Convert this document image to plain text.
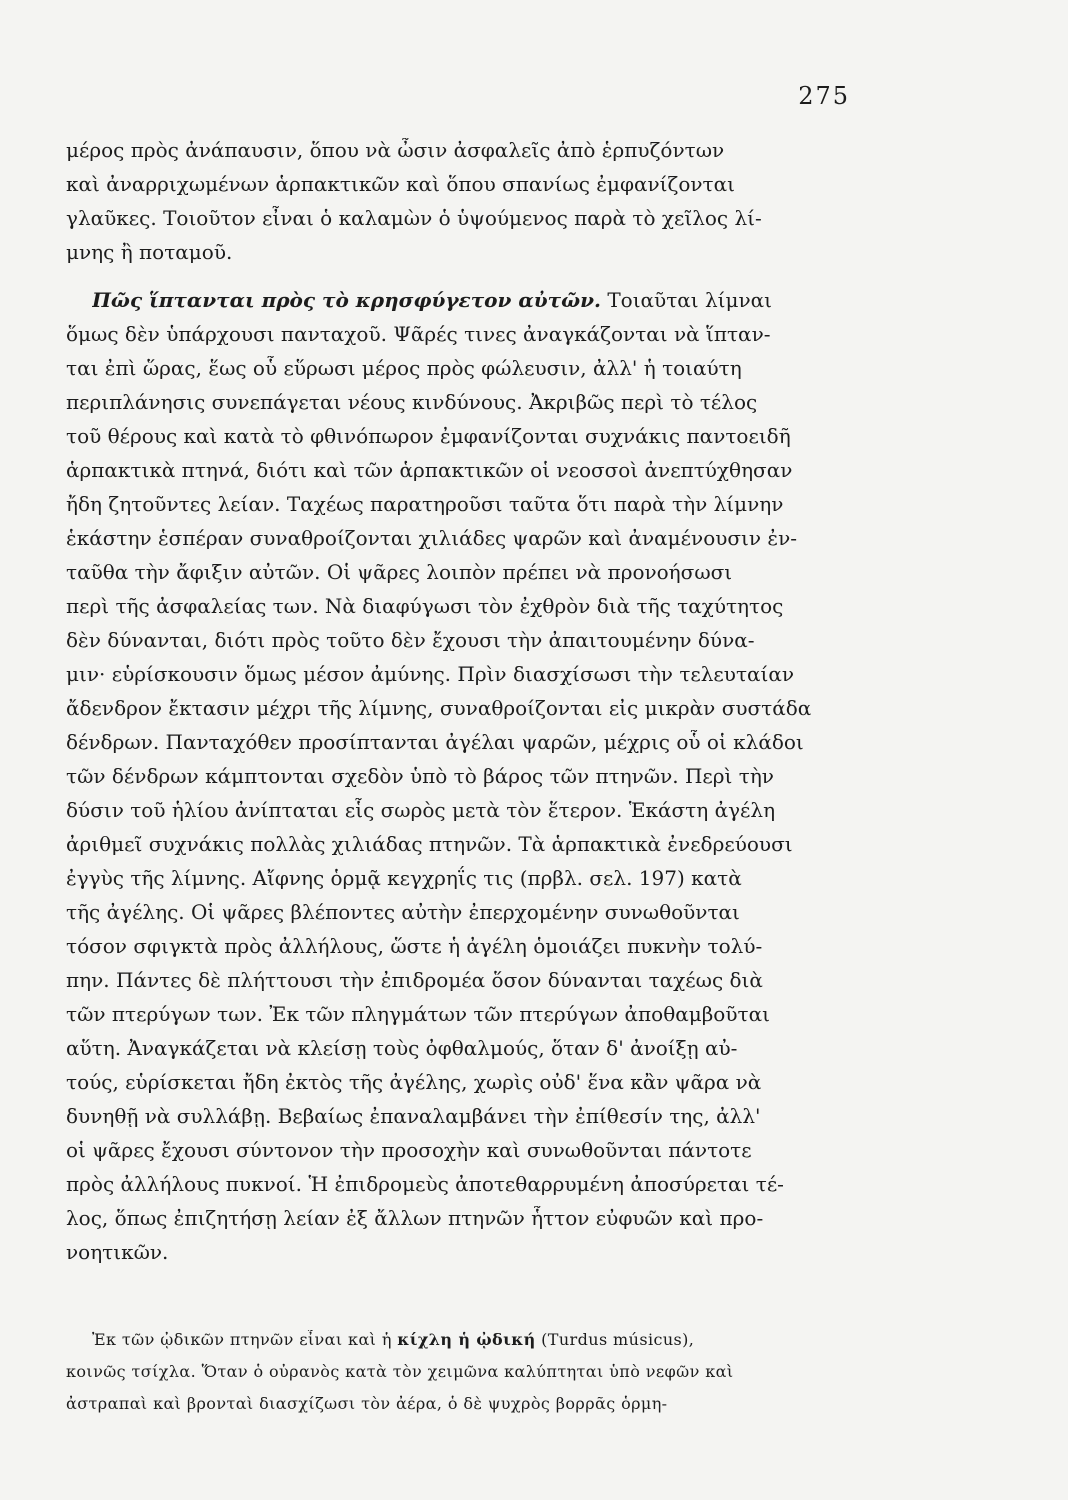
275
μέρος πρὸς ἀνάπαυσιν, ὅπου νὰ ὦσιν ἀσφαλεῖς ἀπὸ ἑρπυζόντων
καὶ ἀναρριχωμένων ἁρπακτικῶν καὶ ὅπου σπανίως ἐμφανίζονται
γλαῦκες. Τοιοῦτον εἶναι ὁ καλαμὼν ὁ ὑψούμενος παρὰ τὸ χεῖλος λί-
μνης ἢ ποταμοῦ.
Πῶς ἵπτανται πρὸς τὸ κρησφύγετον αὐτῶν. Τοιαῦται λίμναι
ὅμως δὲν ὑπάρχουσι πανταχοῦ. Ψᾶρές τινες ἀναγκάζονται νὰ ἵπταν-
ται ἐπὶ ὥρας, ἕως οὗ εὕρωσι μέρος πρὸς φώλευσιν, ἀλλ' ἡ τοιαύτη
περιπλάνησις συνεπάγεται νέους κινδύνους. Ἀκριβῶς περὶ τὸ τέλος
τοῦ θέρους καὶ κατὰ τὸ φθινόπωρον ἐμφανίζονται συχνάκις παντοειδῆ
ἁρπακτικὰ πτηνά, διότι καὶ τῶν ἁρπακτικῶν οἱ νεοσσοὶ ἀνεπτύχθησαν
ἤδη ζητοῦντες λείαν. Ταχέως παρατηροῦσι ταῦτα ὅτι παρὰ τὴν λίμνην
ἑκάστην ἑσπέραν συναθροίζονται χιλιάδες ψαρῶν καὶ ἀναμένουσιν ἐν-
ταῦθα τὴν ἄφιξιν αὐτῶν. Οἱ ψᾶρες λοιπὸν πρέπει νὰ προνοήσωσι
περὶ τῆς ἀσφαλείας των. Νὰ διαφύγωσι τὸν ἐχθρὸν διὰ τῆς ταχύτητος
δὲν δύνανται, διότι πρὸς τοῦτο δὲν ἔχουσι τὴν ἀπαιτουμένην δύνα-
μιν· εὑρίσκουσιν ὅμως μέσον ἀμύνης. Πρὶν διασχίσωσι τὴν τελευταίαν
ἄδενδρον ἔκτασιν μέχρι τῆς λίμνης, συναθροίζονται εἰς μικρὰν συστάδα
δένδρων. Πανταχόθεν προσίπτανται ἀγέλαι ψαρῶν, μέχρις οὗ οἱ κλάδοι
τῶν δένδρων κάμπτονται σχεδὸν ὑπὸ τὸ βάρος τῶν πτηνῶν. Περὶ τὴν
δύσιν τοῦ ἡλίου ἀνίπταται εἷς σωρὸς μετὰ τὸν ἕτερον. Ἑκάστη ἀγέλη
ἀριθμεῖ συχνάκις πολλὰς χιλιάδας πτηνῶν. Τὰ ἁρπακτικὰ ἐνεδρεύουσι
ἐγγὺς τῆς λίμνης. Αἴφνης ὁρμᾷ κεγχρηΐς τις (πρβλ. σελ. 197) κατὰ
τῆς ἀγέλης. Οἱ ψᾶρες βλέποντες αὐτὴν ἐπερχομένην συνωθοῦνται
τόσον σφιγκτὰ πρὸς ἀλλήλους, ὥστε ἡ ἀγέλη ὁμοιάζει πυκνὴν τολύ-
πην. Πάντες δὲ πλήττουσι τὴν ἐπιδρομέα ὅσον δύνανται ταχέως διὰ
τῶν πτερύγων των. Ἐκ τῶν πληγμάτων τῶν πτερύγων ἀποθαμβοῦται
αὕτη. Ἀναγκάζεται νὰ κλείσῃ τοὺς ὀφθαλμούς, ὅταν δ' ἀνοίξῃ αὐ-
τούς, εὑρίσκεται ἤδη ἐκτὸς τῆς ἀγέλης, χωρὶς οὐδ' ἕνα κἂν ψᾶρα νὰ
δυνηθῇ νὰ συλλάβῃ. Βεβαίως ἐπαναλαμβάνει τὴν ἐπίθεσίν της, ἀλλ'
οἱ ψᾶρες ἔχουσι σύντονον τὴν προσοχὴν καὶ συνωθοῦνται πάντοτε
πρὸς ἀλλήλους πυκνοί. Ἡ ἐπιδρομεὺς ἀποτεθαρρυμένη ἀποσύρεται τέ-
λος, ὅπως ἐπιζητήσῃ λείαν ἐξ ἄλλων πτηνῶν ἧττον εὐφυῶν καὶ προ-
νοητικῶν.
Ἐκ τῶν ᾠδικῶν πτηνῶν εἶναι καὶ ἡ κίχλη ἡ ᾠδική (Turdus músicus),
κοινῶς τσίχλα. Ὅταν ὁ οὐρανὸς κατὰ τὸν χειμῶνα καλύπτηται ὑπὸ νεφῶν καὶ
ἀστραπαὶ καὶ βρονταὶ διασχίζωσι τὸν ἀέρα, ὁ δὲ ψυχρὸς βορρᾶς ὁρμη-
